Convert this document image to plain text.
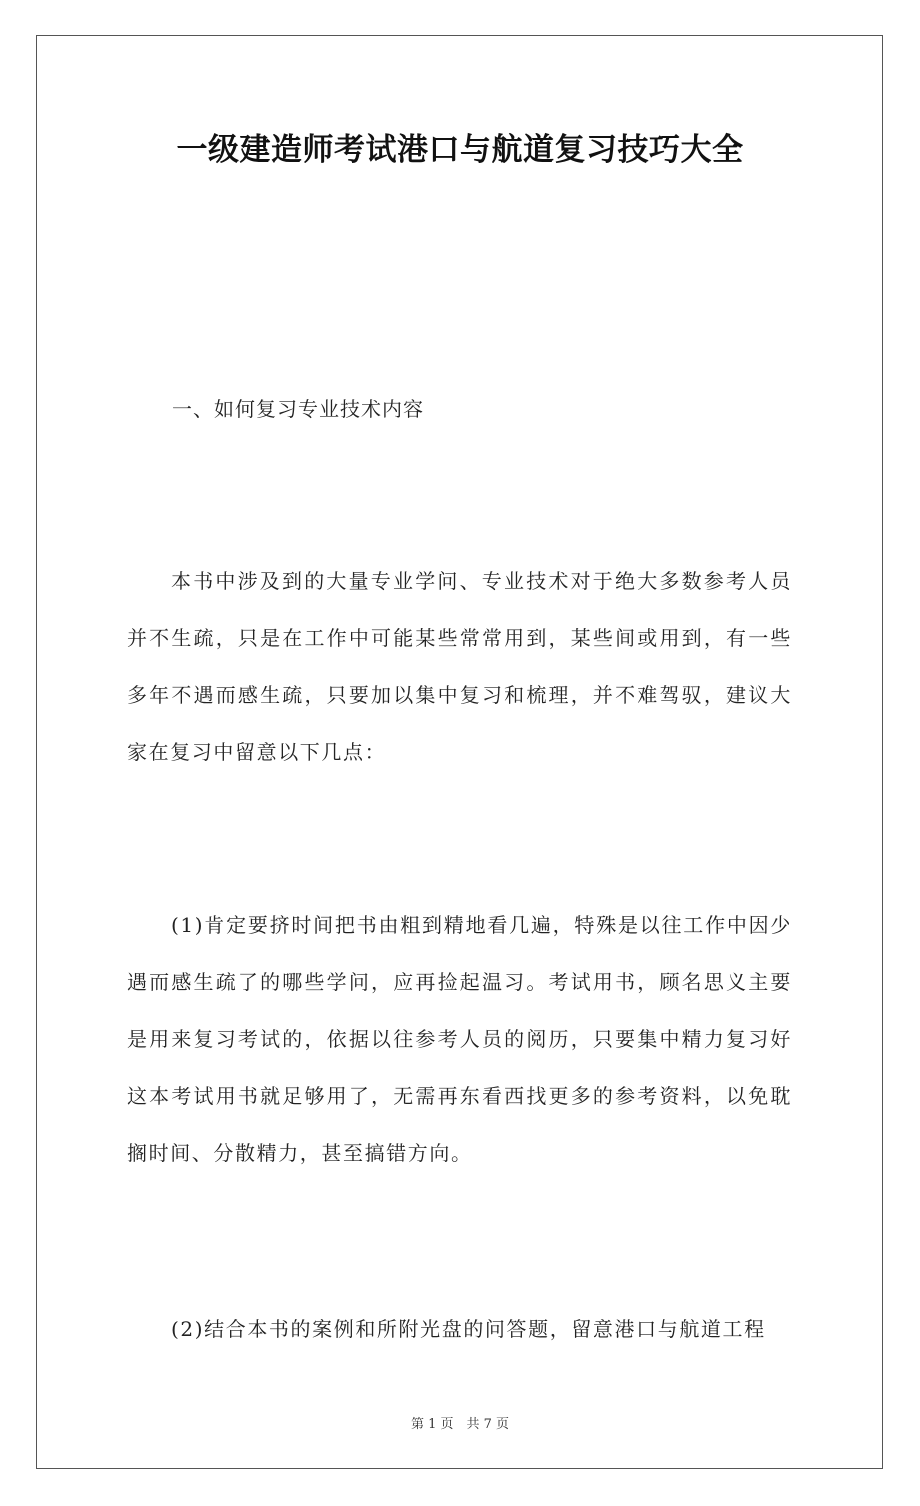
一级建造师考试港口与航道复习技巧大全
一、如何复习专业技术内容

本书中涉及到的大量专业学问、专业技术对于绝大多数参考人员并不生疏，只是在工作中可能某些常常用到，某些间或用到，有一些多年不遇而感生疏，只要加以集中复习和梳理，并不难驾驭，建议大家在复习中留意以下几点：

(1)肯定要挤时间把书由粗到精地看几遍，特殊是以往工作中因少遇而感生疏了的哪些学问，应再捡起温习。考试用书，顾名思义主要是用来复习考试的，依据以往参考人员的阅历，只要集中精力复习好这本考试用书就足够用了，无需再东看西找更多的参考资料，以免耽搁时间、分散精力，甚至搞错方向。

(2)结合本书的案例和所附光盘的问答题，留意港口与航道工程

第 1 页　共 7 页
